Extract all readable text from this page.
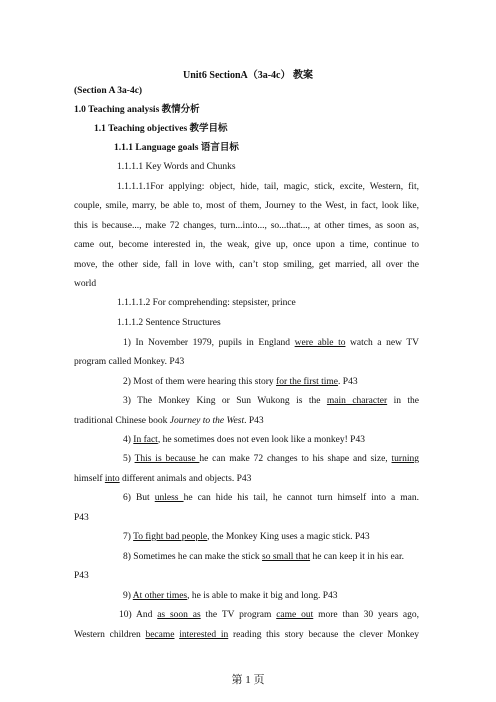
Unit6 SectionA（3a-4c） 教案
(Section A 3a-4c)
1.0 Teaching analysis 教情分析
1.1 Teaching objectives 教学目标
1.1.1 Language goals 语言目标
1.1.1.1 Key Words and Chunks
1.1.1.1.1For applying: object, hide, tail, magic, stick, excite, Western, fit,
couple, smile, marry, be able to, most of them, Journey to the West, in fact, look like,
this is because..., make 72 changes, turn...into..., so...that..., at other times, as soon as,
came out, become interested in, the weak, give up, once upon a time, continue to
move, the other side, fall in love with, can’t stop smiling, get married, all over the
world
1.1.1.1.2 For comprehending: stepsister, prince
1.1.1.2 Sentence Structures
1) In November 1979, pupils in England were able to watch a new TV
program called Monkey. P43
2) Most of them were hearing this story for the first time. P43
3) The Monkey King or Sun Wukong is the main character in the
traditional Chinese book Journey to the West. P43
4) In fact, he sometimes does not even look like a monkey! P43
5) This is because he can make 72 changes to his shape and size, turning
himself into different animals and objects. P43
6) But unless he can hide his tail, he cannot turn himself into a man.
P43
7) To fight bad people, the Monkey King uses a magic stick. P43
8) Sometimes he can make the stick so small that he can keep it in his ear.
P43
9) At other times, he is able to make it big and long. P43
10) And as soon as the TV program came out more than 30 years ago,
Western children became interested in reading this story because the clever Monkey
第 1 页
